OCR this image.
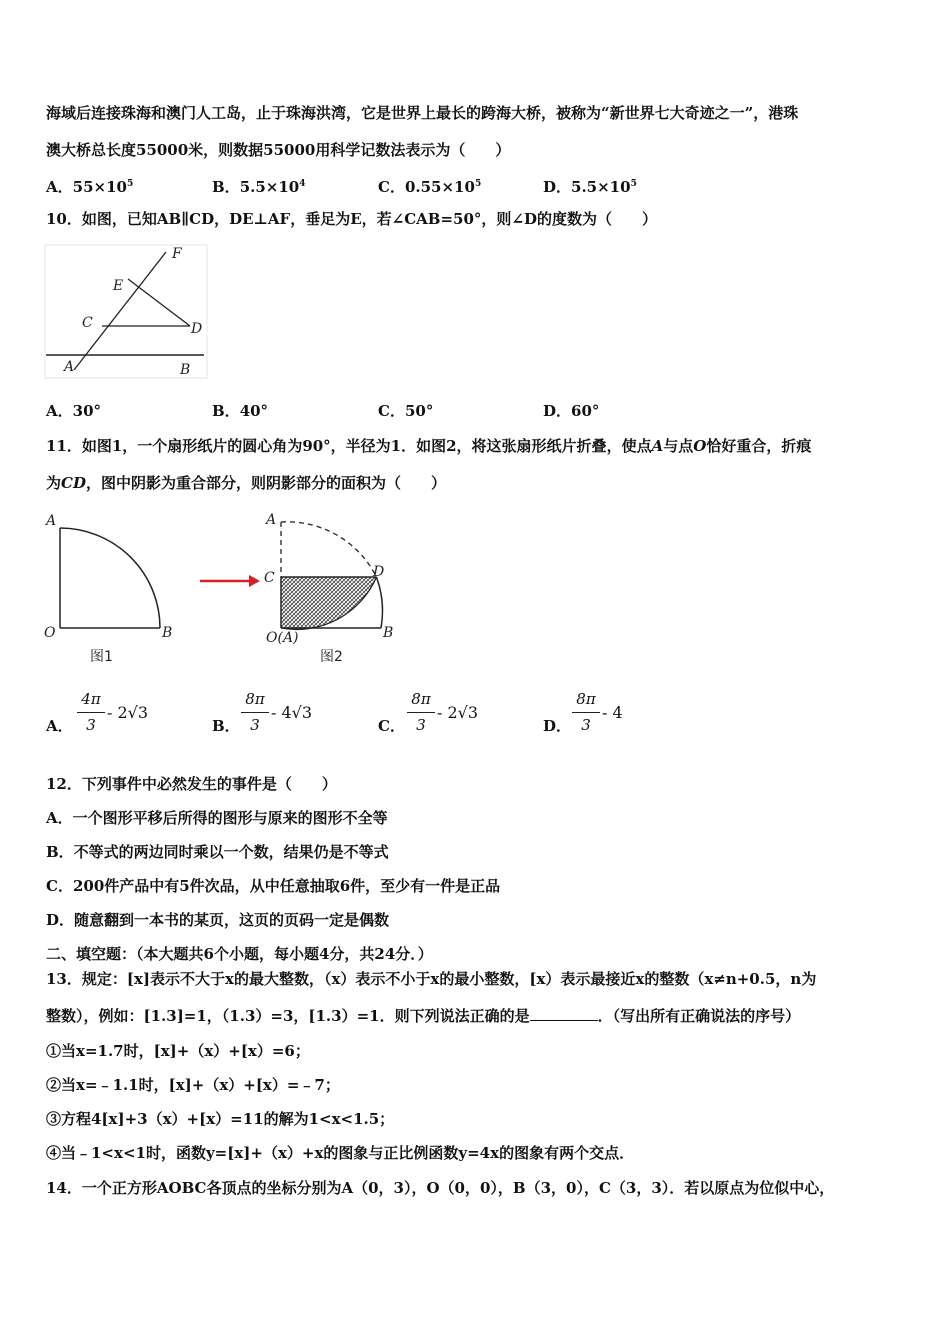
海域后连接珠海和澳门人工岛，止于珠海洪湾，它是世界上最长的跨海大桥，被称为“新世界七大奇迹之一”，港珠
澳大桥总长度55000米，则数据55000用科学记数法表示为（　　）
A．$55\times 10^5$	B．$5.5\times 10^4$	C．$0.55\times 10^5$	D．$5.5\times 10^5$
10．如图，已知AB∥CD，DE⊥AF，垂足为E，若∠CAB=50°，则∠D的度数为（　　）
F
E
C	D
A	B
A．30°	B．40°	C．50°	D．60°
11．如图1，一个扇形纸片的圆心角为90°，半径为1．如图2，将这张扇形纸片折叠，使点A与点O恰好重合，折痕
为CD，图中阴影为重合部分，则阴影部分的面积为（　　）
A
O	B
图1
A
C	D
O(A)	B
图2
A．
4π
3
- 2√3
B．
8π
3
- 4√3
C．
8π
3
- 2√3
D．
8π
3
- 4
12．下列事件中必然发生的事件是（　　）
A．一个图形平移后所得的图形与原来的图形不全等
B．不等式的两边同时乘以一个数，结果仍是不等式
C．200件产品中有5件次品，从中任意抽取6件，至少有一件是正品
D．随意翻到一本书的某页，这页的页码一定是偶数
二、填空题：（本大题共6个小题，每小题4分，共24分．）
13．规定：[x]表示不大于x的最大整数，（x）表示不小于x的最小整数，[x）表示最接近x的整数（x≠n+0.5，n为
整数），例如：[1.3]=1，（1.3）=3，[1.3）=1．则下列说法正确的是	．（写出所有正确说法的序号）
①当x=1.7时，[x]+（x）+[x）=6；
②当x=﹣1.1时，[x]+（x）+[x）=﹣7；
③方程4[x]+3（x）+[x）=11的解为1<x<1.5；
④当﹣1<x<1时，函数y=[x]+（x）+x的图象与正比例函数y=4x的图象有两个交点．
14．一个正方形AOBC各顶点的坐标分别为A（0，3），O（0，0），B（3，0），C（3，3）．若以原点为位似中心，
